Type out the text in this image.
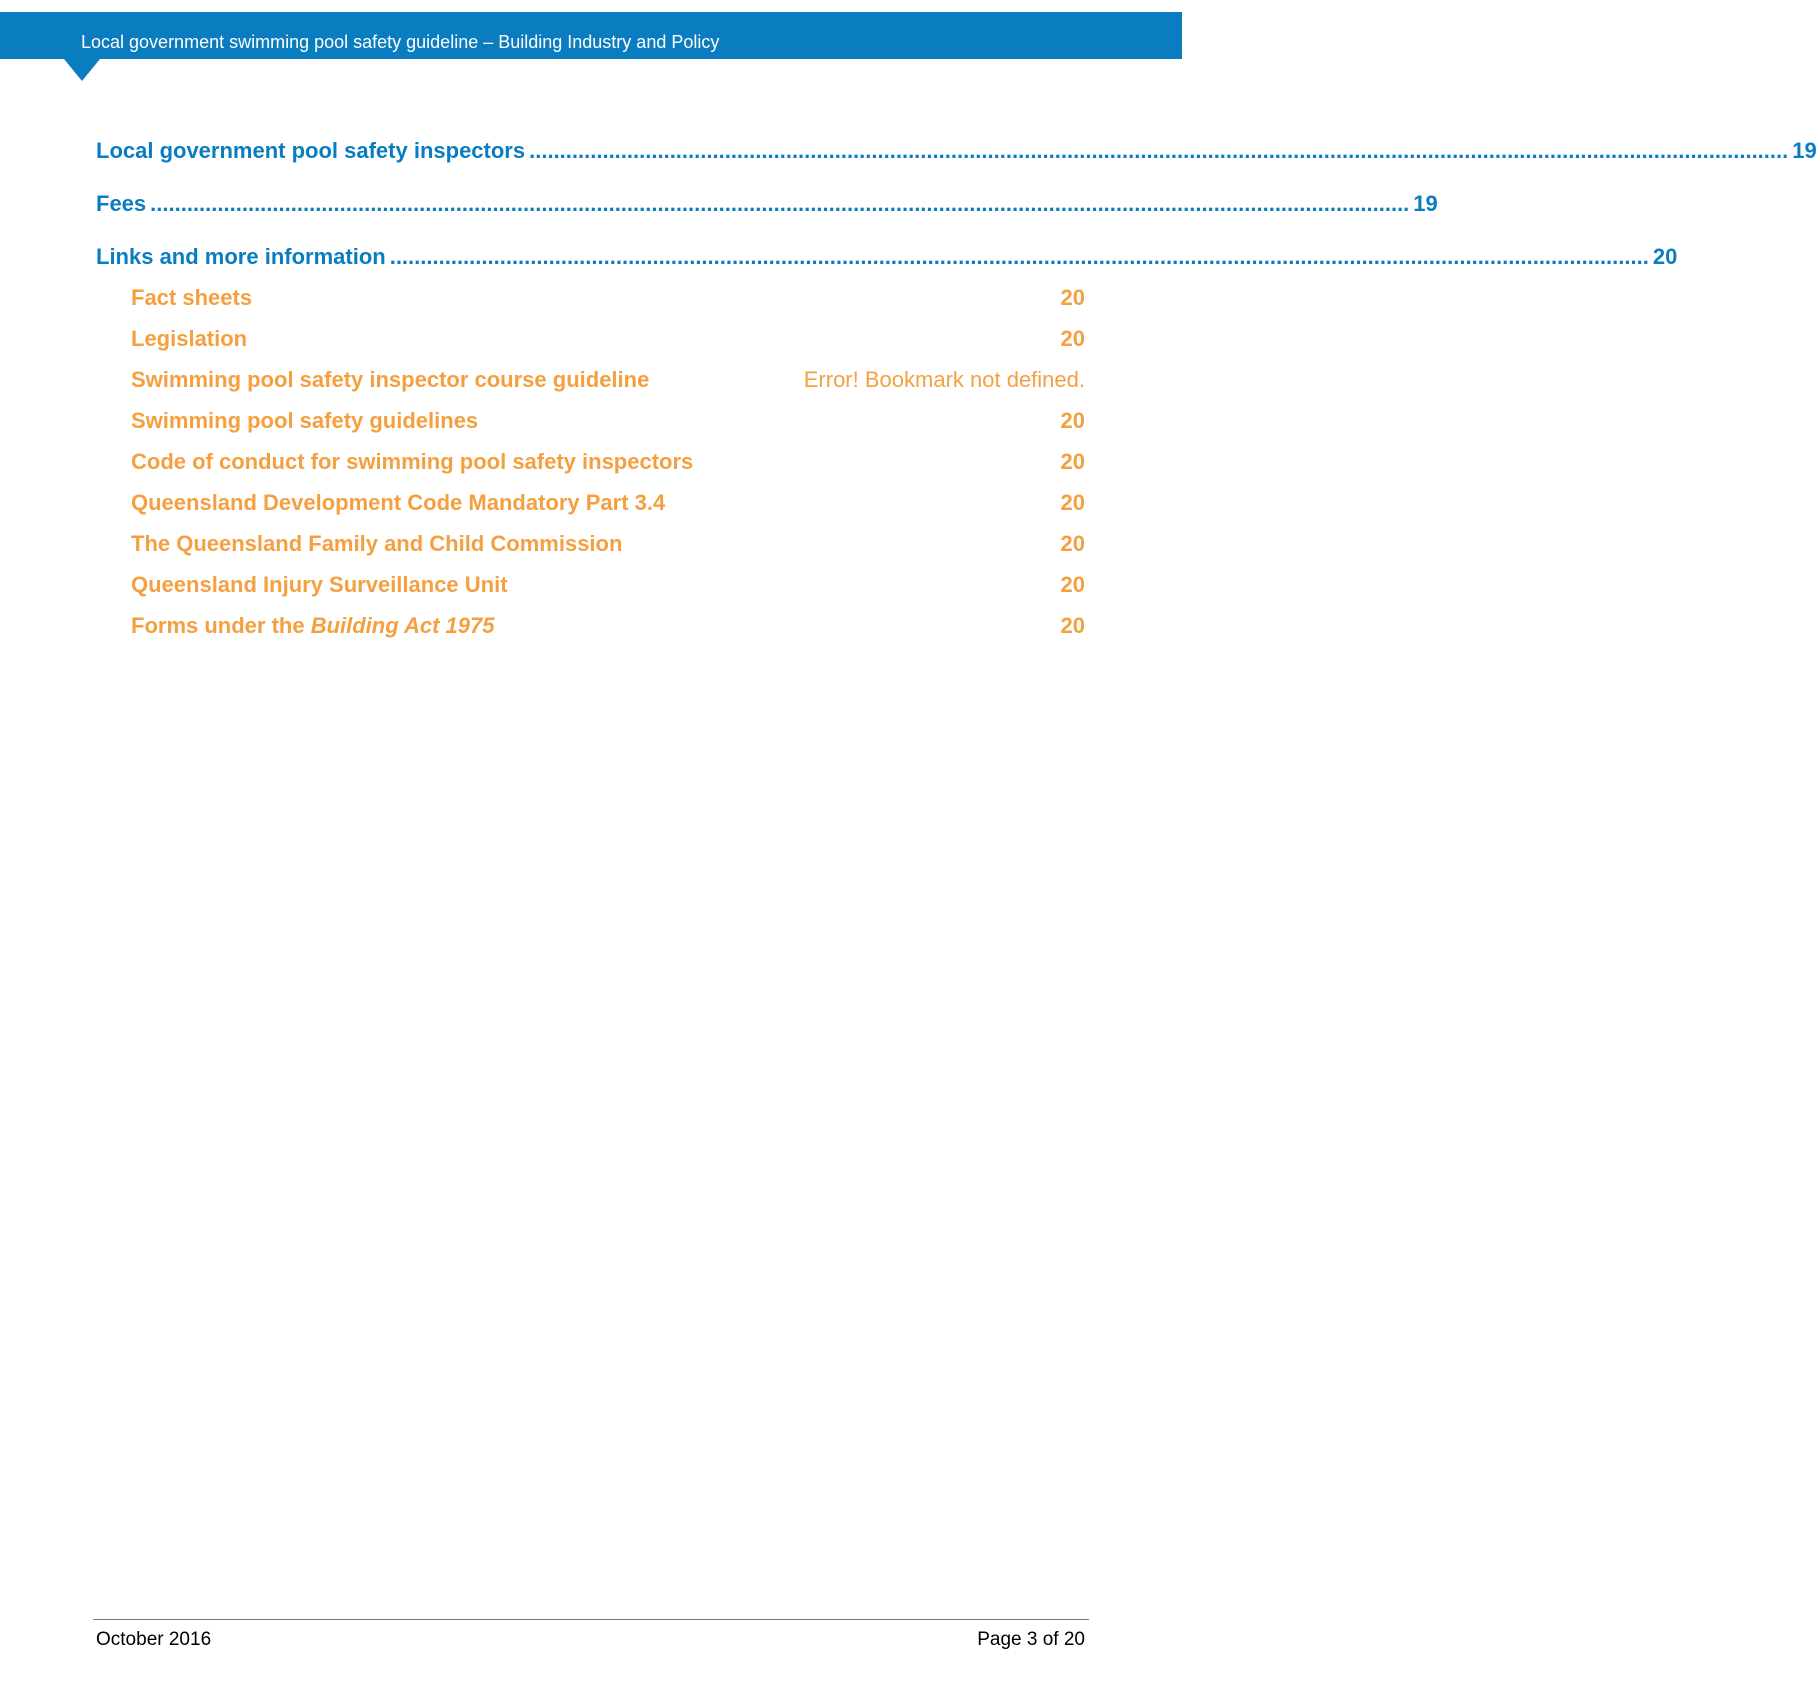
Local government swimming pool safety guideline – Building Industry and Policy
Local government pool safety inspectors .............................................................................................................................................................................................................. 19
Fees .............................................................................................................................................................................................................. 19
Links and more information .............................................................................................................................................................................................................. 20
Fact sheets	20
Legislation	20
Swimming pool safety inspector course guideline	Error! Bookmark not defined.
Swimming pool safety guidelines	20
Code of conduct for swimming pool safety inspectors	20
Queensland Development Code Mandatory Part 3.4	20
The Queensland Family and Child Commission	20
Queensland Injury Surveillance Unit	20
Forms under the Building Act 1975	20
October 2016	Page 3 of 20
